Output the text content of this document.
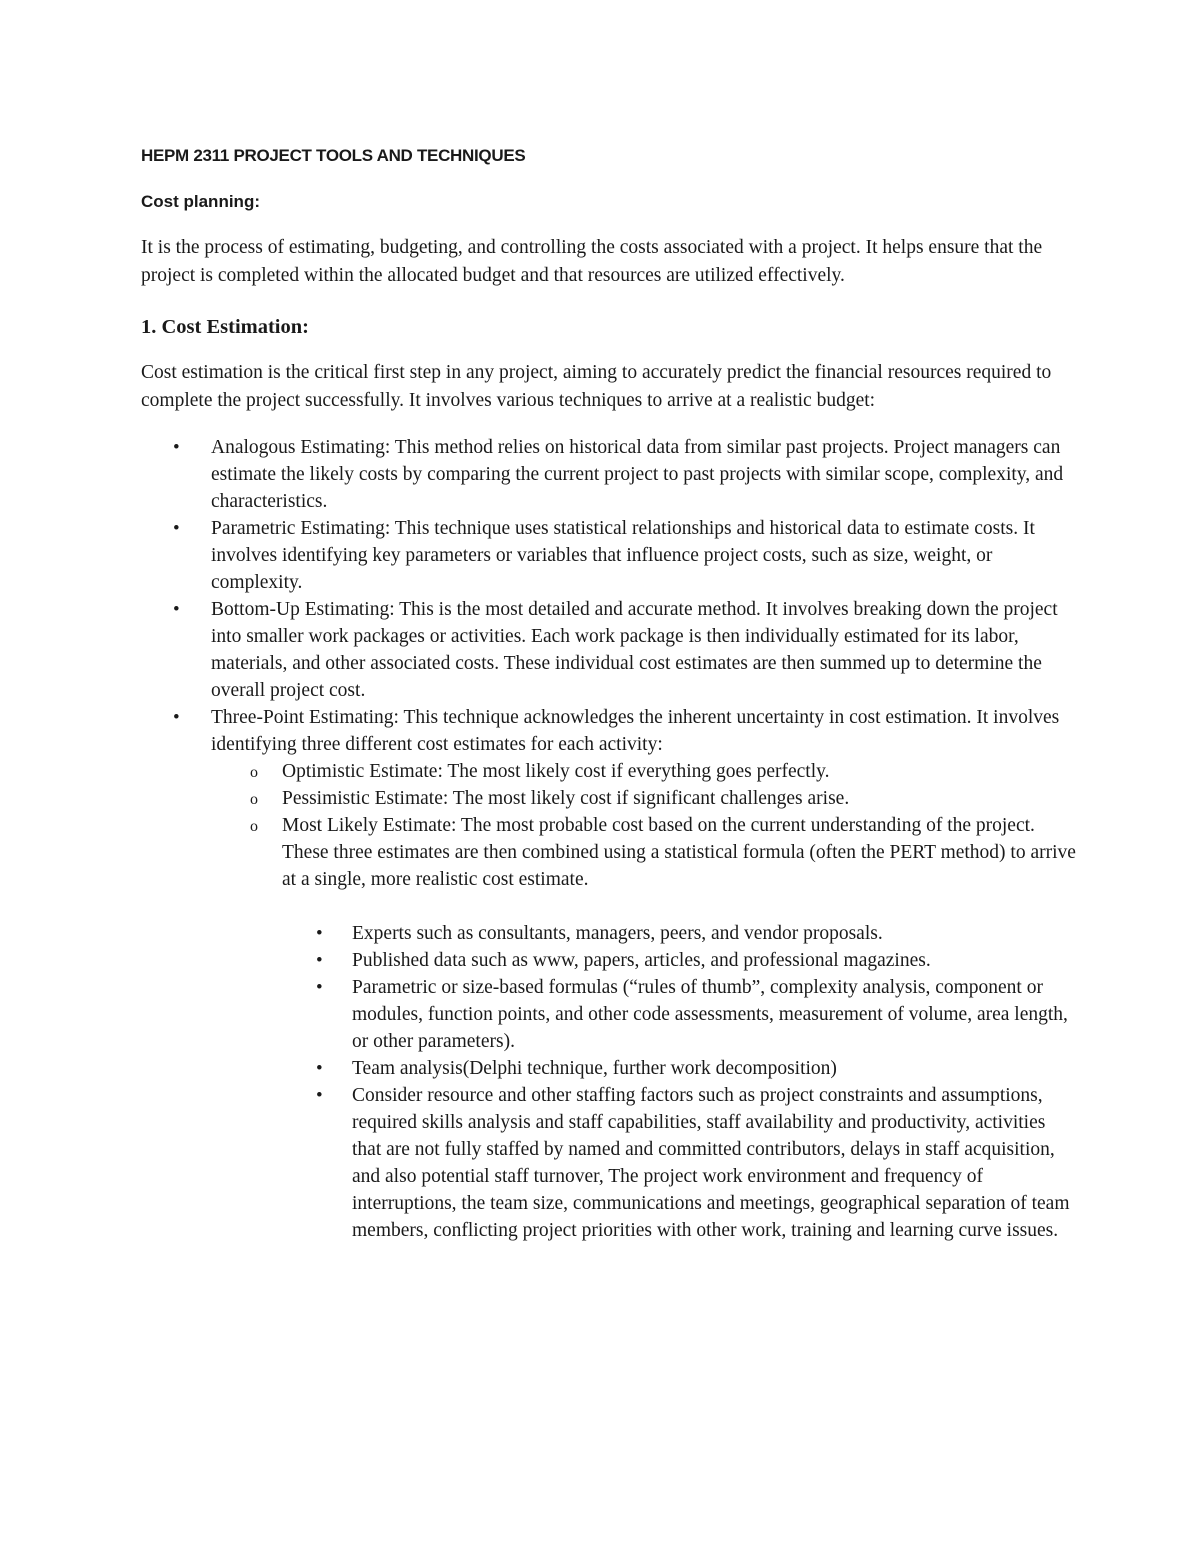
HEPM 2311 PROJECT TOOLS AND TECHNIQUES
Cost planning:

It is the process of estimating, budgeting, and controlling the costs associated with a project. It helps ensure that the project is completed within the allocated budget and that resources are utilized effectively.

1. Cost Estimation:

Cost estimation is the critical first step in any project, aiming to accurately predict the financial resources required to complete the project successfully. It involves various techniques to arrive at a realistic budget:

• Analogous Estimating: This method relies on historical data from similar past projects. Project managers can estimate the likely costs by comparing the current project to past projects with similar scope, complexity, and characteristics.
• Parametric Estimating: This technique uses statistical relationships and historical data to estimate costs. It involves identifying key parameters or variables that influence project costs, such as size, weight, or complexity.
• Bottom-Up Estimating: This is the most detailed and accurate method. It involves breaking down the project into smaller work packages or activities. Each work package is then individually estimated for its labor, materials, and other associated costs. These individual cost estimates are then summed up to determine the overall project cost.
• Three-Point Estimating: This technique acknowledges the inherent uncertainty in cost estimation. It involves identifying three different cost estimates for each activity:
o Optimistic Estimate: The most likely cost if everything goes perfectly.
o Pessimistic Estimate: The most likely cost if significant challenges arise.
o Most Likely Estimate: The most probable cost based on the current understanding of the project. These three estimates are then combined using a statistical formula (often the PERT method) to arrive at a single, more realistic cost estimate.
• Experts such as consultants, managers, peers, and vendor proposals.
• Published data such as www, papers, articles, and professional magazines.
• Parametric or size-based formulas (“rules of thumb”, complexity analysis, component or modules, function points, and other code assessments, measurement of volume, area length, or other parameters).
• Team analysis(Delphi technique, further work decomposition)
• Consider resource and other staffing factors such as project constraints and assumptions, required skills analysis and staff capabilities, staff availability and productivity, activities that are not fully staffed by named and committed contributors, delays in staff acquisition, and also potential staff turnover, The project work environment and frequency of interruptions, the team size, communications and meetings, geographical separation of team members, conflicting project priorities with other work, training and learning curve issues.
